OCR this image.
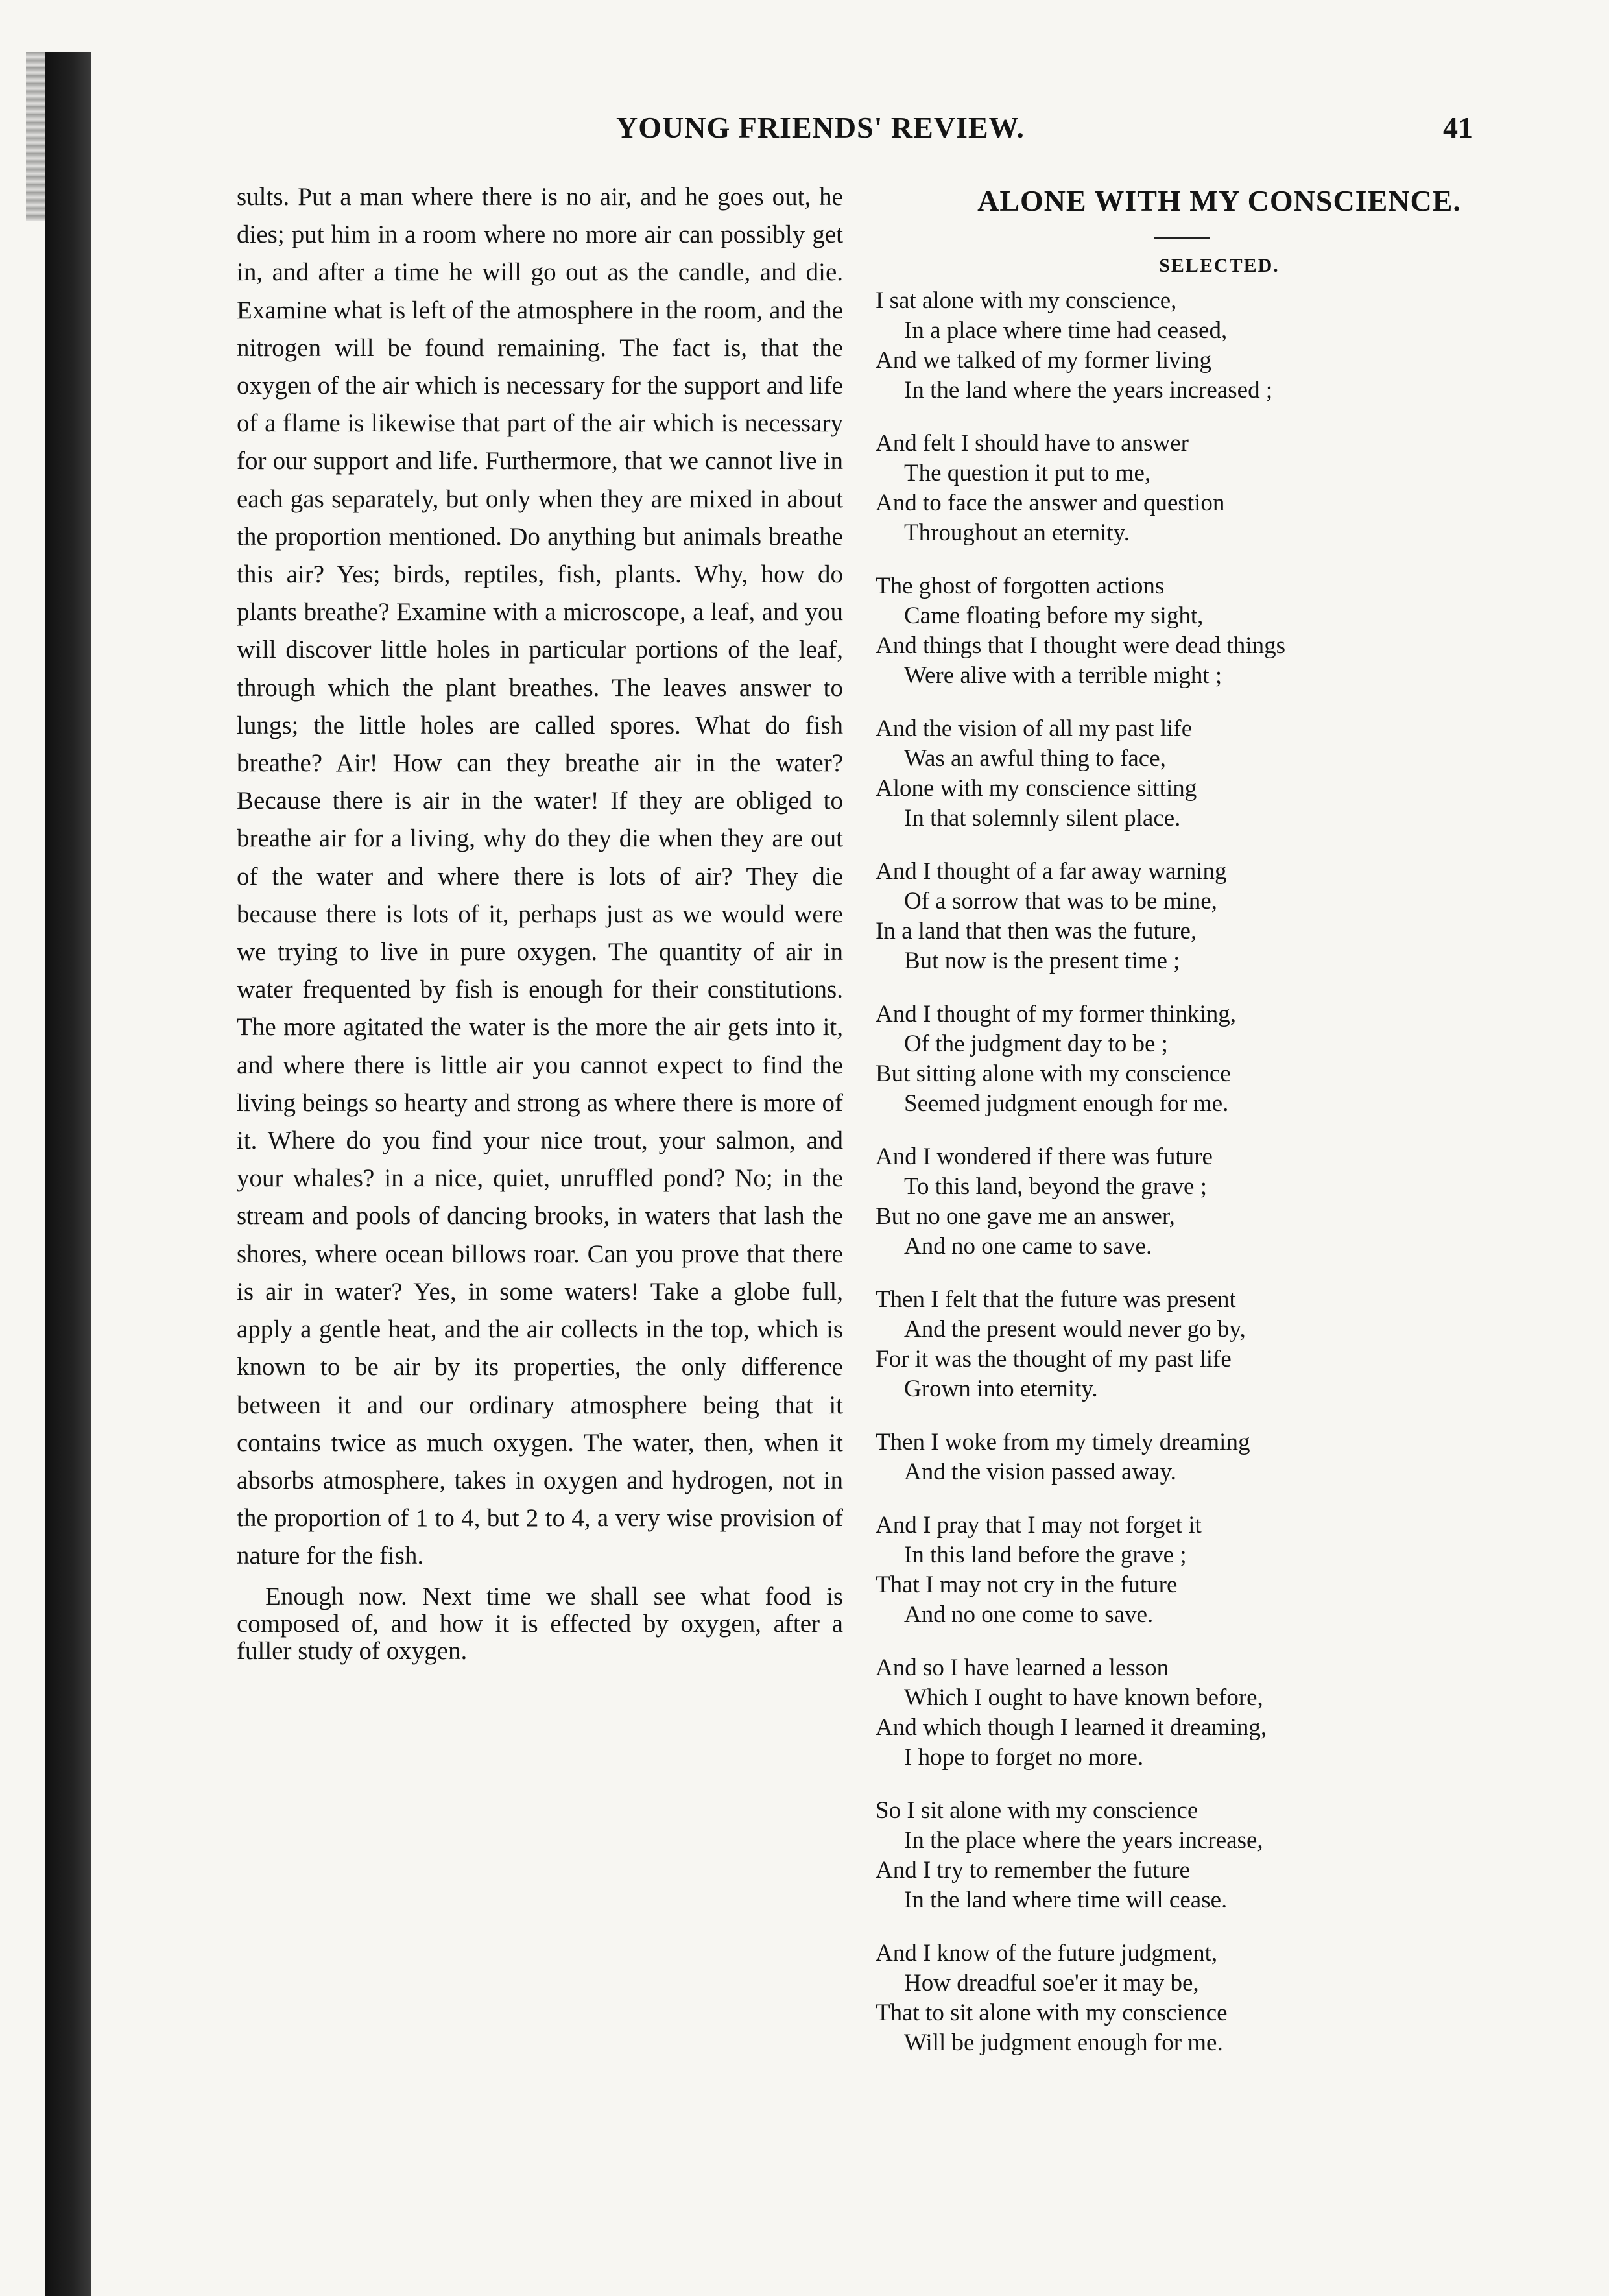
YOUNG FRIENDS' REVIEW.	41

sults. Put a man where there is no air, and he goes out, he dies; put him in a room where no more air can possibly get in, and after a time he will go out as the candle, and die. Examine what is left of the atmosphere in the room, and the nitrogen will be found remaining. The fact is, that the oxygen of the air which is necessary for the support and life of a flame is likewise that part of the air which is necessary for our support and life. Furthermore, that we cannot live in each gas separately, but only when they are mixed in about the proportion mentioned. Do anything but animals breathe this air? Yes; birds, reptiles, fish, plants. Why, how do plants breathe? Examine with a microscope, a leaf, and you will discover little holes in particular portions of the leaf, through which the plant breathes. The leaves answer to lungs; the little holes are called spores. What do fish breathe? Air! How can they breathe air in the water? Because there is air in the water! If they are obliged to breathe air for a living, why do they die when they are out of the water and where there is lots of air? They die because there is lots of it, perhaps just as we would were we trying to live in pure oxygen. The quantity of air in water frequented by fish is enough for their constitutions. The more agitated the water is the more the air gets into it, and where there is little air you cannot expect to find the living beings so hearty and strong as where there is more of it. Where do you find your nice trout, your salmon, and your whales? in a nice, quiet, unruffled pond? No; in the stream and pools of dancing brooks, in waters that lash the shores, where ocean billows roar. Can you prove that there is air in water? Yes, in some waters! Take a globe full, apply a gentle heat, and the air collects in the top, which is known to be air by its properties, the only difference between it and our ordinary atmosphere being that it contains twice as much oxygen. The water, then, when it absorbs atmosphere, takes in oxygen and hydrogen, not in the proportion of 1 to 4, but 2 to 4, a very wise provision of nature for the fish.

Enough now. Next time we shall see what food is composed of, and how it is effected by oxygen, after a fuller study of oxygen.

ALONE WITH MY CONSCIENCE.
SELECTED.
I sat alone with my conscience,
In a place where time had ceased,
And we talked of my former living
In the land where the years increased ;
And felt I should have to answer
The question it put to me,
And to face the answer and question
Throughout an eternity.
The ghost of forgotten actions
Came floating before my sight,
And things that I thought were dead things
Were alive with a terrible might ;
And the vision of all my past life
Was an awful thing to face,
Alone with my conscience sitting
In that solemnly silent place.
And I thought of a far away warning
Of a sorrow that was to be mine,
In a land that then was the future,
But now is the present time ;
And I thought of my former thinking,
Of the judgment day to be ;
But sitting alone with my conscience
Seemed judgment enough for me.
And I wondered if there was future
To this land, beyond the grave ;
But no one gave me an answer,
And no one came to save.
Then I felt that the future was present
And the present would never go by,
For it was the thought of my past life
Grown into eternity.
Then I woke from my timely dreaming
And the vision passed away.
And I pray that I may not forget it
In this land before the grave ;
That I may not cry in the future
And no one come to save.
And so I have learned a lesson
Which I ought to have known before,
And which though I learned it dreaming,
I hope to forget no more.
So I sit alone with my conscience
In the place where the years increase,
And I try to remember the future
In the land where time will cease.
And I know of the future judgment,
How dreadful soe'er it may be,
That to sit alone with my conscience
Will be judgment enough for me.
